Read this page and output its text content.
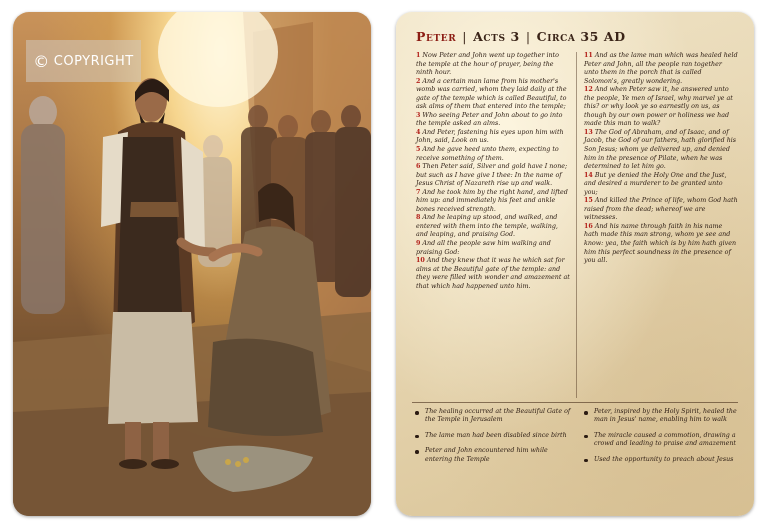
© COPYRIGHT
Peter | Acts 3 | Circa 35 AD
1 Now Peter and John went up together into the temple at the hour of prayer, being the ninth hour.
2 And a certain man lame from his mother's womb was carried, whom they laid daily at the gate of the temple which is called Beautiful, to ask alms of them that entered into the temple;
3 Who seeing Peter and John about to go into the temple asked an alms.
4 And Peter, fastening his eyes upon him with John, said, Look on us.
5 And he gave heed unto them, expecting to receive something of them.
6 Then Peter said, Silver and gold have I none; but such as I have give I thee: In the name of Jesus Christ of Nazareth rise up and walk.
7 And he took him by the right hand, and lifted him up: and immediately his feet and ankle bones received strength.
8 And he leaping up stood, and walked, and entered with them into the temple, walking, and leaping, and praising God.
9 And all the people saw him walking and praising God:
10 And they knew that it was he which sat for alms at the Beautiful gate of the temple: and they were filled with wonder and amazement at that which had happened unto him.
11 And as the lame man which was healed held Peter and John, all the people ran together unto them in the porch that is called Solomon's, greatly wondering.
12 And when Peter saw it, he answered unto the people, Ye men of Israel, why marvel ye at this? or why look ye so earnestly on us, as though by our own power or holiness we had made this man to walk?
13 The God of Abraham, and of Isaac, and of Jacob, the God of our fathers, hath glorified his Son Jesus; whom ye delivered up, and denied him in the presence of Pilate, when he was determined to let him go.
14 But ye denied the Holy One and the Just, and desired a murderer to be granted unto you;
15 And killed the Prince of life, whom God hath raised from the dead; whereof we are witnesses.
16 And his name through faith in his name hath made this man strong, whom ye see and know: yea, the faith which is by him hath given him this perfect soundness in the presence of you all.
The healing occurred at the Beautiful Gate of the Temple in Jerusalem
The lame man had been disabled since birth
Peter and John encountered him while entering the Temple
Peter, inspired by the Holy Spirit, healed the man in Jesus' name, enabling him to walk
The miracle caused a commotion, drawing a crowd and leading to praise and amazement
Used the opportunity to preach about Jesus
